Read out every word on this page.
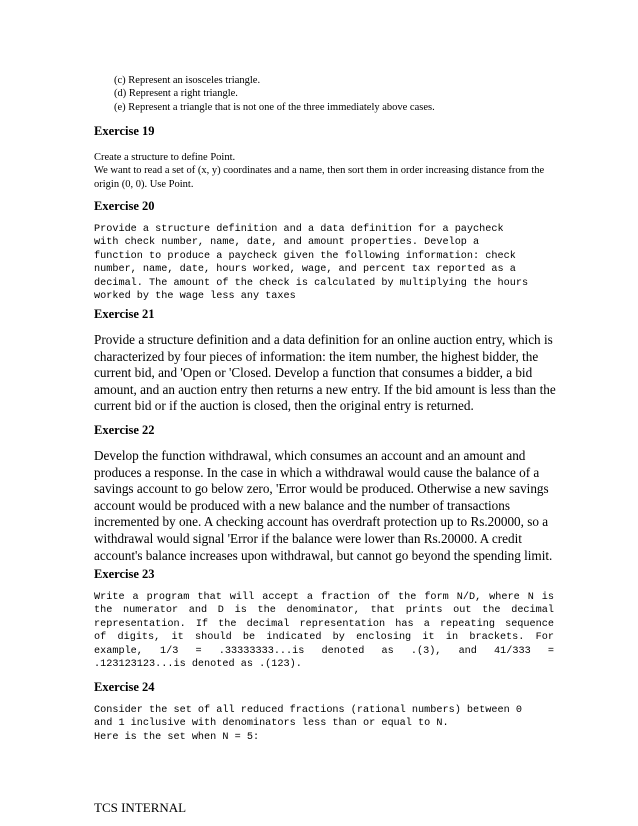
(c) Represent an isosceles triangle.
(d) Represent a right triangle.
(e) Represent a triangle that is not one of the three immediately above cases.
Exercise 19
Create a structure to define Point.
We want to read a set of (x, y) coordinates and a name, then sort them in order increasing distance from the
origin (0, 0). Use Point.
Exercise 20
Provide a structure definition and a data definition for a paycheck
with check number, name, date, and amount properties. Develop a
function to produce a paycheck given the following information: check
number, name, date, hours worked, wage, and percent tax reported as a
decimal. The amount of the check is calculated by multiplying the hours
worked by the wage less any taxes
Exercise 21
Provide a structure definition and a data definition for an online auction entry, which is
characterized by four pieces of information: the item number, the highest bidder, the
current bid, and 'Open or 'Closed. Develop a function that consumes a bidder, a bid
amount, and an auction entry then returns a new entry. If the bid amount is less than the
current bid or if the auction is closed, then the original entry is returned.
Exercise 22
Develop the function withdrawal, which consumes an account and an amount and
produces a response. In the case in which a withdrawal would cause the balance of a
savings account to go below zero, 'Error would be produced. Otherwise a new savings
account would be produced with a new balance and the number of transactions
incremented by one. A checking account has overdraft protection up to Rs.20000, so a
withdrawal would signal 'Error if the balance were lower than Rs.20000. A credit
account's balance increases upon withdrawal, but cannot go beyond the spending limit.
Exercise 23
Write a program that will accept a fraction of the form N/D, where N is
the numerator and D is the denominator, that prints out the decimal
representation. If the decimal representation has a repeating sequence
of digits, it should be indicated by enclosing it in brackets. For
example, 1/3 = .33333333...is denoted as .(3), and 41/333 =
.123123123...is denoted as .(123).
Exercise 24
Consider the set of all reduced fractions (rational numbers) between 0
and 1 inclusive with denominators less than or equal to N.
Here is the set when N = 5:
TCS INTERNAL
